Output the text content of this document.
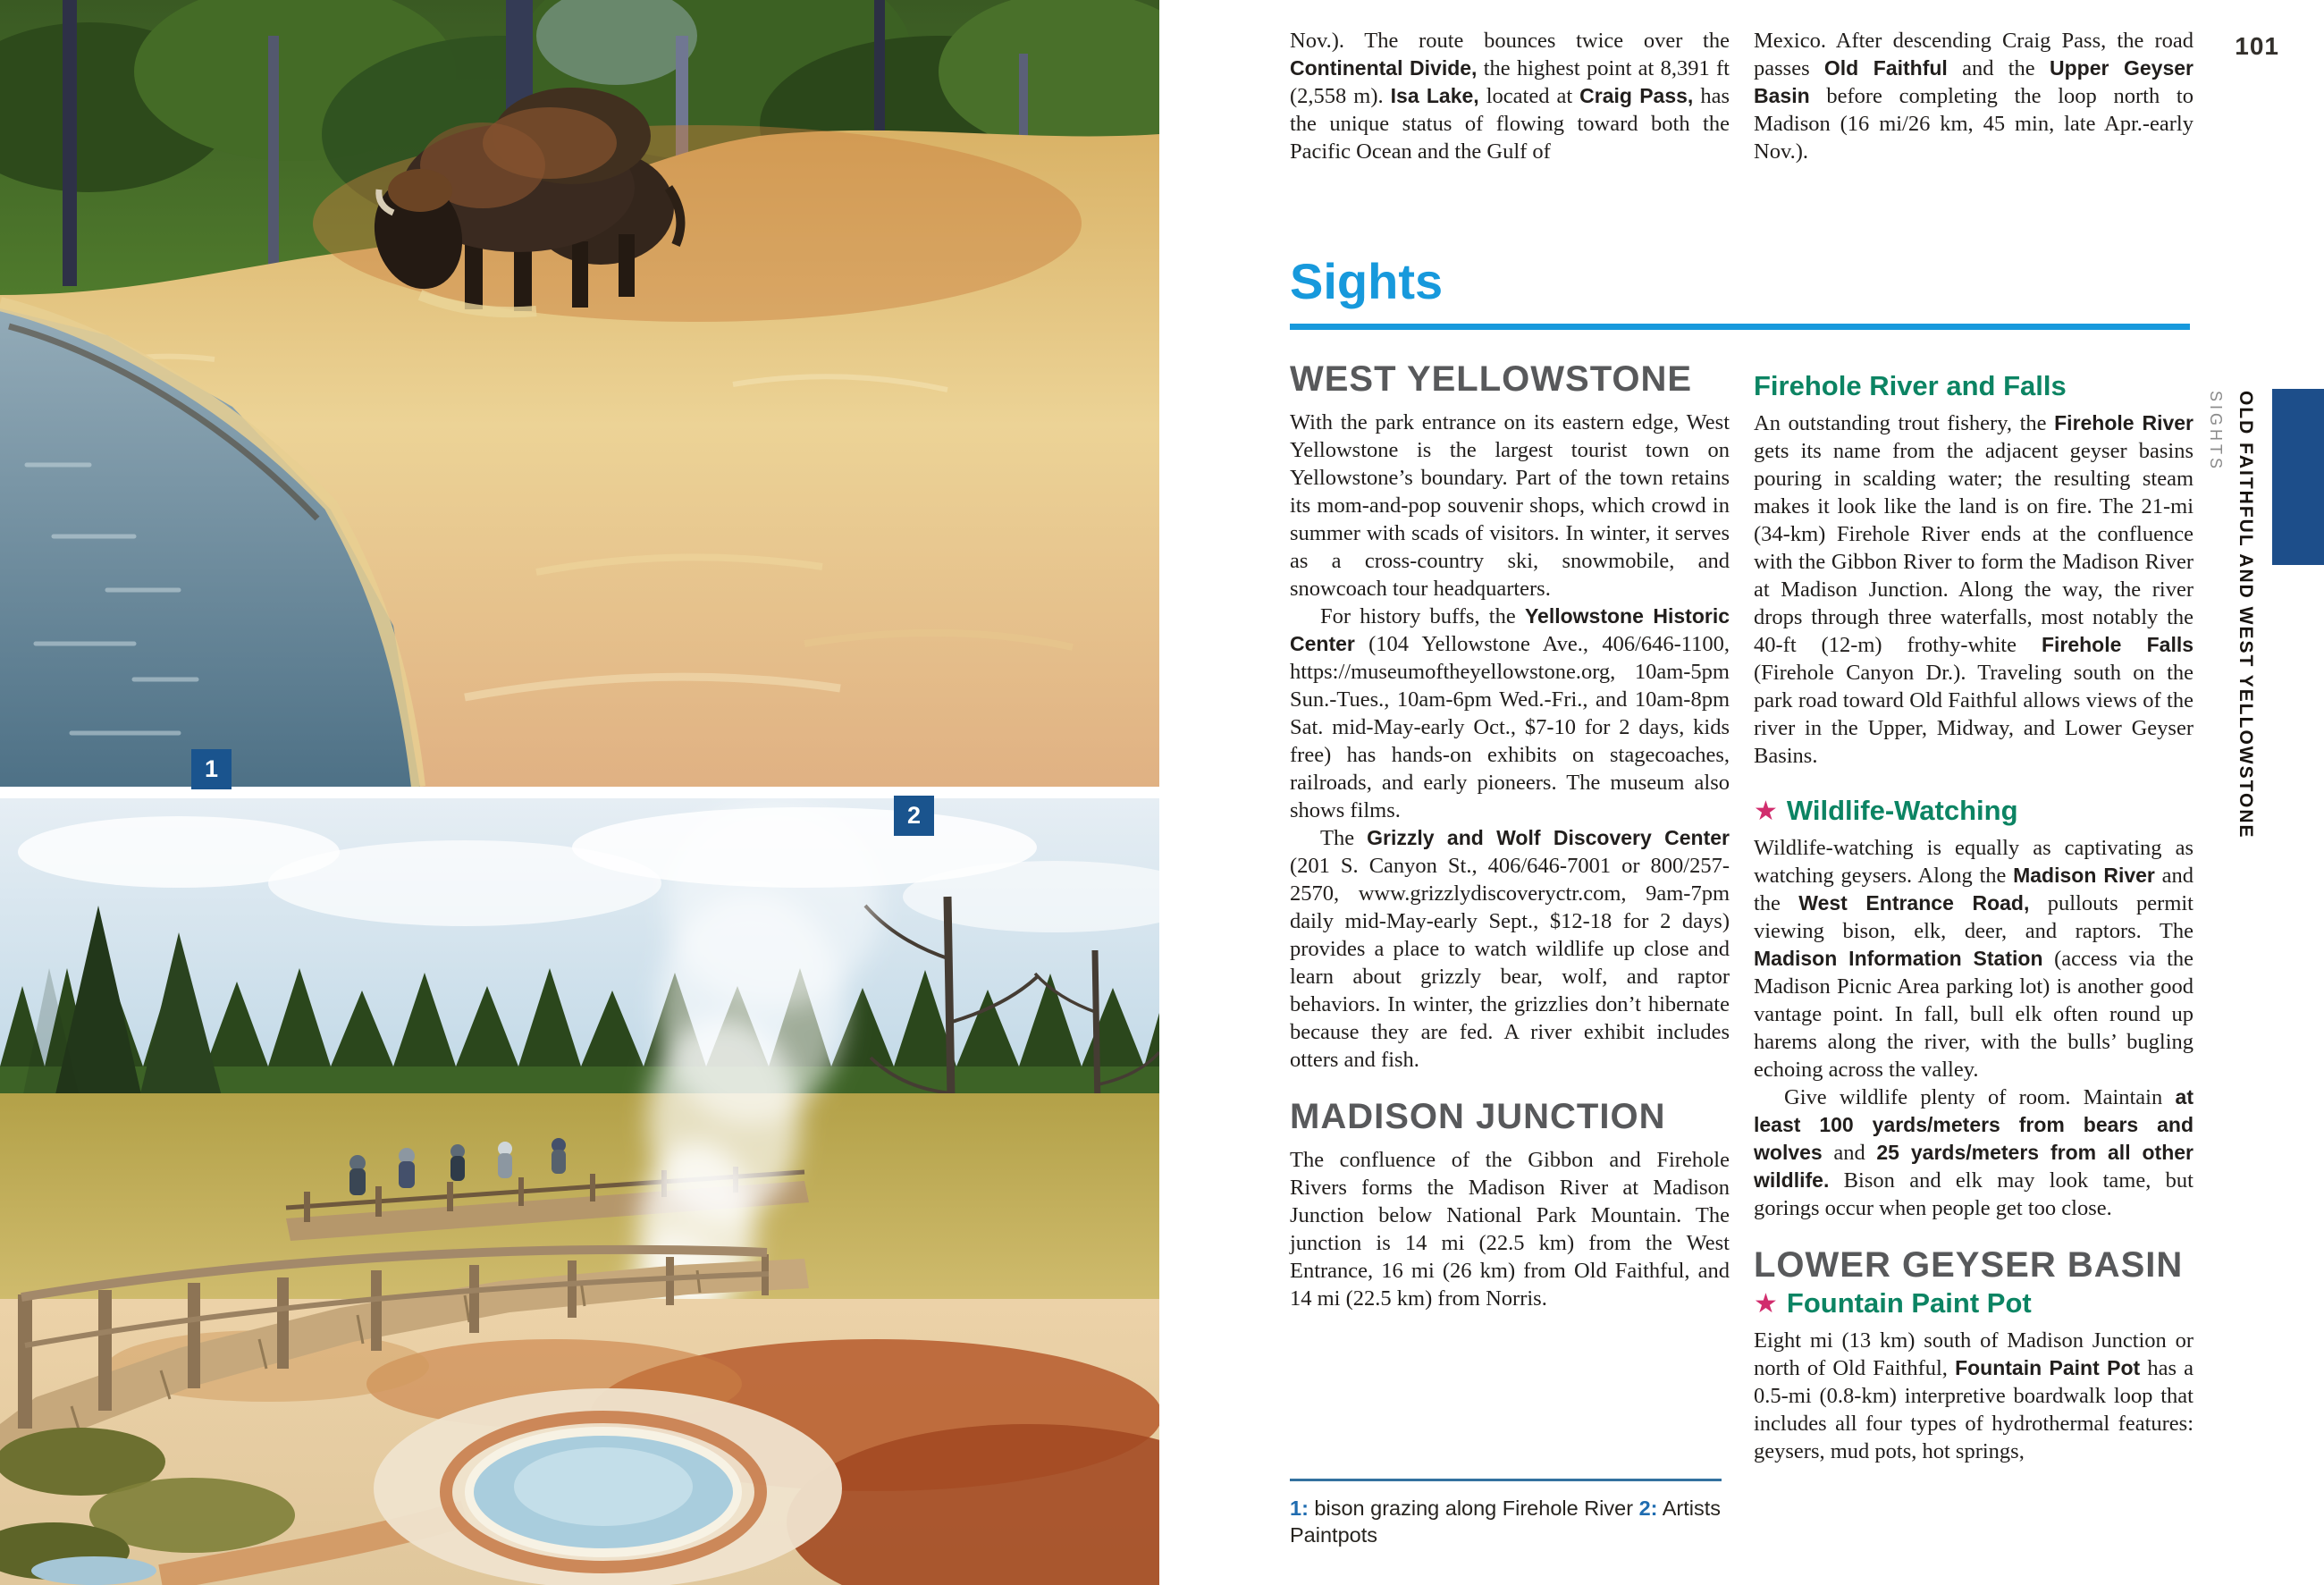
1
2

Nov.). The route bounces twice over the Continental Divide, the highest point at 8,391 ft (2,558 m). Isa Lake, located at Craig Pass, has the unique status of flowing toward both the Pacific Ocean and the Gulf of

Mexico. After descending Craig Pass, the road passes Old Faithful and the Upper Geyser Basin before completing the loop north to Madison (16 mi/26 km, 45 min, late Apr.-early Nov.).

Sights
WEST YELLOWSTONE

With the park entrance on its eastern edge, West Yellowstone is the largest tourist town on Yellowstone’s boundary. Part of the town retains its mom-and-pop souvenir shops, which crowd in summer with scads of visitors. In winter, it serves as a cross-country ski, snowmobile, and snowcoach tour headquarters.

For history buffs, the Yellowstone Historic Center (104 Yellowstone Ave., 406/646-1100, https://museumoftheyellowstone.org, 10am-5pm Sun.-Tues., 10am-6pm Wed.-Fri., and 10am-8pm Sat. mid-May-early Oct., $7-10 for 2 days, kids free) has hands-on exhibits on stagecoaches, railroads, and early pioneers. The museum also shows films.

The Grizzly and Wolf Discovery Center (201 S. Canyon St., 406/646-7001 or 800/257-2570, www.grizzlydiscoveryctr.com, 9am-7pm daily mid-May-early Sept., $12-18 for 2 days) provides a place to watch wildlife up close and learn about grizzly bear, wolf, and raptor behaviors. In winter, the grizzlies don’t hibernate because they are fed. A river exhibit includes otters and fish.

MADISON JUNCTION

The confluence of the Gibbon and Firehole Rivers forms the Madison River at Madison Junction below National Park Mountain. The junction is 14 mi (22.5 km) from the West Entrance, 16 mi (26 km) from Old Faithful, and 14 mi (22.5 km) from Norris.

Firehole River and Falls

An outstanding trout fishery, the Firehole River gets its name from the adjacent geyser basins pouring in scalding water; the resulting steam makes it look like the land is on fire. The 21-mi (34-km) Firehole River ends at the confluence with the Gibbon River to form the Madison River at Madison Junction. Along the way, the river drops through three waterfalls, most notably the 40-ft (12-m) frothy-white Firehole Falls (Firehole Canyon Dr.). Traveling south on the park road toward Old Faithful allows views of the river in the Upper, Midway, and Lower Geyser Basins.

★ Wildlife-Watching

Wildlife-watching is equally as captivating as watching geysers. Along the Madison River and the West Entrance Road, pullouts permit viewing bison, elk, deer, and raptors. The Madison Information Station (access via the Madison Picnic Area parking lot) is another good vantage point. In fall, bull elk often round up harems along the river, with the bulls’ bugling echoing across the valley.

Give wildlife plenty of room. Maintain at least 100 yards/meters from bears and wolves and 25 yards/meters from all other wildlife. Bison and elk may look tame, but gorings occur when people get too close.

LOWER GEYSER BASIN
★ Fountain Paint Pot

Eight mi (13 km) south of Madison Junction or north of Old Faithful, Fountain Paint Pot has a 0.5-mi (0.8-km) interpretive boardwalk loop that includes all four types of hydrothermal features: geysers, mud pots, hot springs,

1: bison grazing along Firehole River 2: Artists Paintpots
101
OLD FAITHFUL AND WEST YELLOWSTONE
SIGHTS
